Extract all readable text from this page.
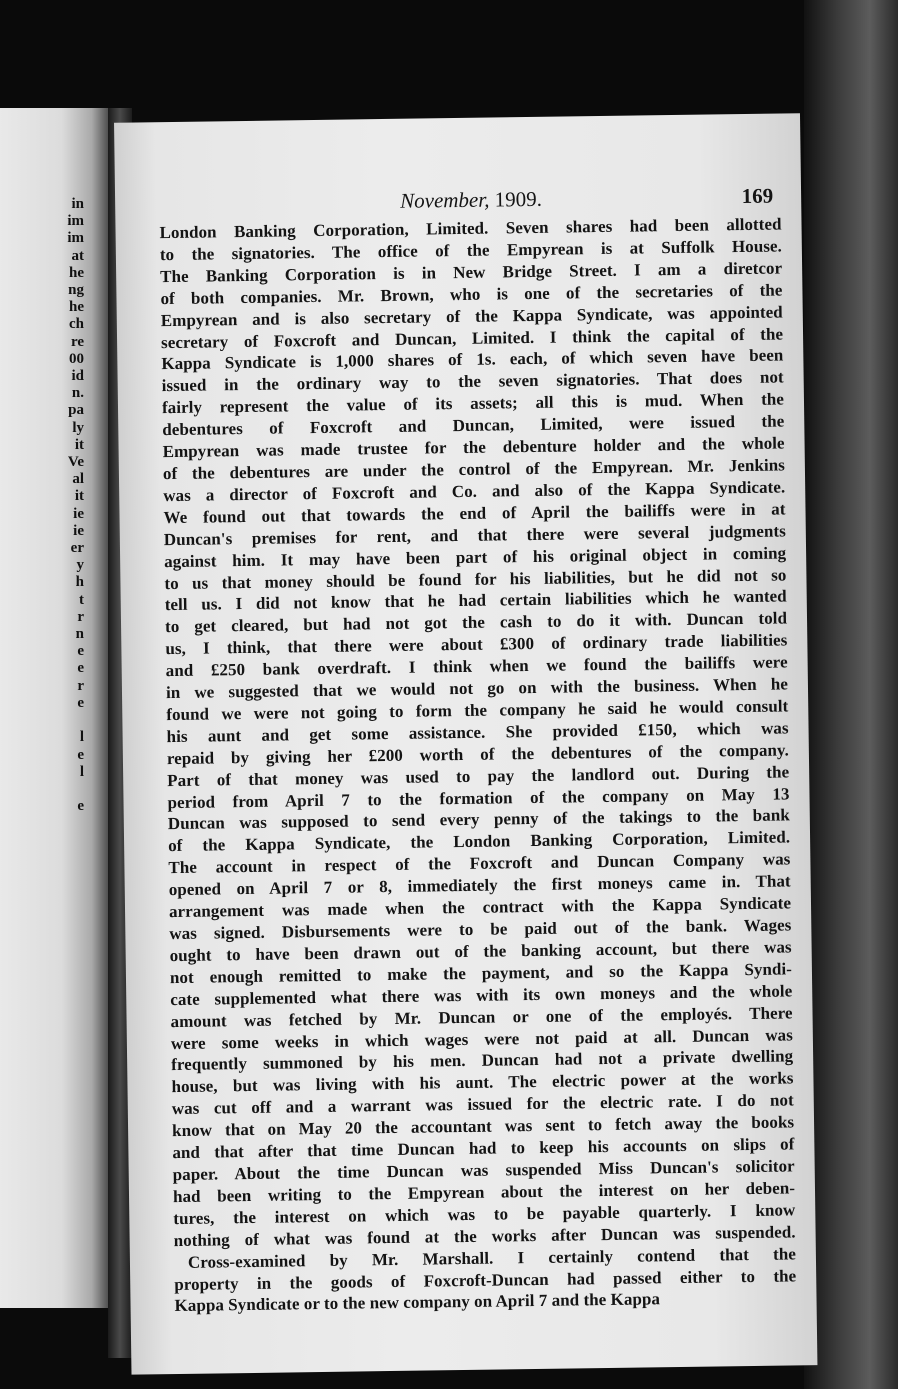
in
im
im
at
he
ng
he
ch
re
00
id
n.
pa
ly
it
Ve
al
it
ie
ie
er
y
h
t
r
n
e
e
r
e

l
e
l

e
November, 1909.	169
London Banking Corporation, Limited. Seven shares had been allotted
to the signatories. The office of the Empyrean is at Suffolk House.
The Banking Corporation is in New Bridge Street. I am a diretcor
of both companies. Mr. Brown, who is one of the secretaries of the
Empyrean and is also secretary of the Kappa Syndicate, was appointed
secretary of Foxcroft and Duncan, Limited. I think the capital of the
Kappa Syndicate is 1,000 shares of 1s. each, of which seven have been
issued in the ordinary way to the seven signatories. That does not
fairly represent the value of its assets; all this is mud. When the
debentures of Foxcroft and Duncan, Limited, were issued the
Empyrean was made trustee for the debenture holder and the whole
of the debentures are under the control of the Empyrean. Mr. Jenkins
was a director of Foxcroft and Co. and also of the Kappa Syndicate.
We found out that towards the end of April the bailiffs were in at
Duncan's premises for rent, and that there were several judgments
against him. It may have been part of his original object in coming
to us that money should be found for his liabilities, but he did not so
tell us. I did not know that he had certain liabilities which he wanted
to get cleared, but had not got the cash to do it with. Duncan told
us, I think, that there were about £300 of ordinary trade liabilities
and £250 bank overdraft. I think when we found the bailiffs were
in we suggested that we would not go on with the business. When he
found we were not going to form the company he said he would consult
his aunt and get some assistance. She provided £150, which was
repaid by giving her £200 worth of the debentures of the company.
Part of that money was used to pay the landlord out. During the
period from April 7 to the formation of the company on May 13
Duncan was supposed to send every penny of the takings to the bank
of the Kappa Syndicate, the London Banking Corporation, Limited.
The account in respect of the Foxcroft and Duncan Company was
opened on April 7 or 8, immediately the first moneys came in. That
arrangement was made when the contract with the Kappa Syndicate
was signed. Disbursements were to be paid out of the bank. Wages
ought to have been drawn out of the banking account, but there was
not enough remitted to make the payment, and so the Kappa Syndi-
cate supplemented what there was with its own moneys and the whole
amount was fetched by Mr. Duncan or one of the employés. There
were some weeks in which wages were not paid at all. Duncan was
frequently summoned by his men. Duncan had not a private dwelling
house, but was living with his aunt. The electric power at the works
was cut off and a warrant was issued for the electric rate. I do not
know that on May 20 the accountant was sent to fetch away the books
and that after that time Duncan had to keep his accounts on slips of
paper. About the time Duncan was suspended Miss Duncan's solicitor
had been writing to the Empyrean about the interest on her deben-
tures, the interest on which was to be payable quarterly. I know
nothing of what was found at the works after Duncan was suspended.
Cross-examined by Mr. Marshall. I certainly contend that the
property in the goods of Foxcroft-Duncan had passed either to the
Kappa Syndicate or to the new company on April 7 and the Kappa
